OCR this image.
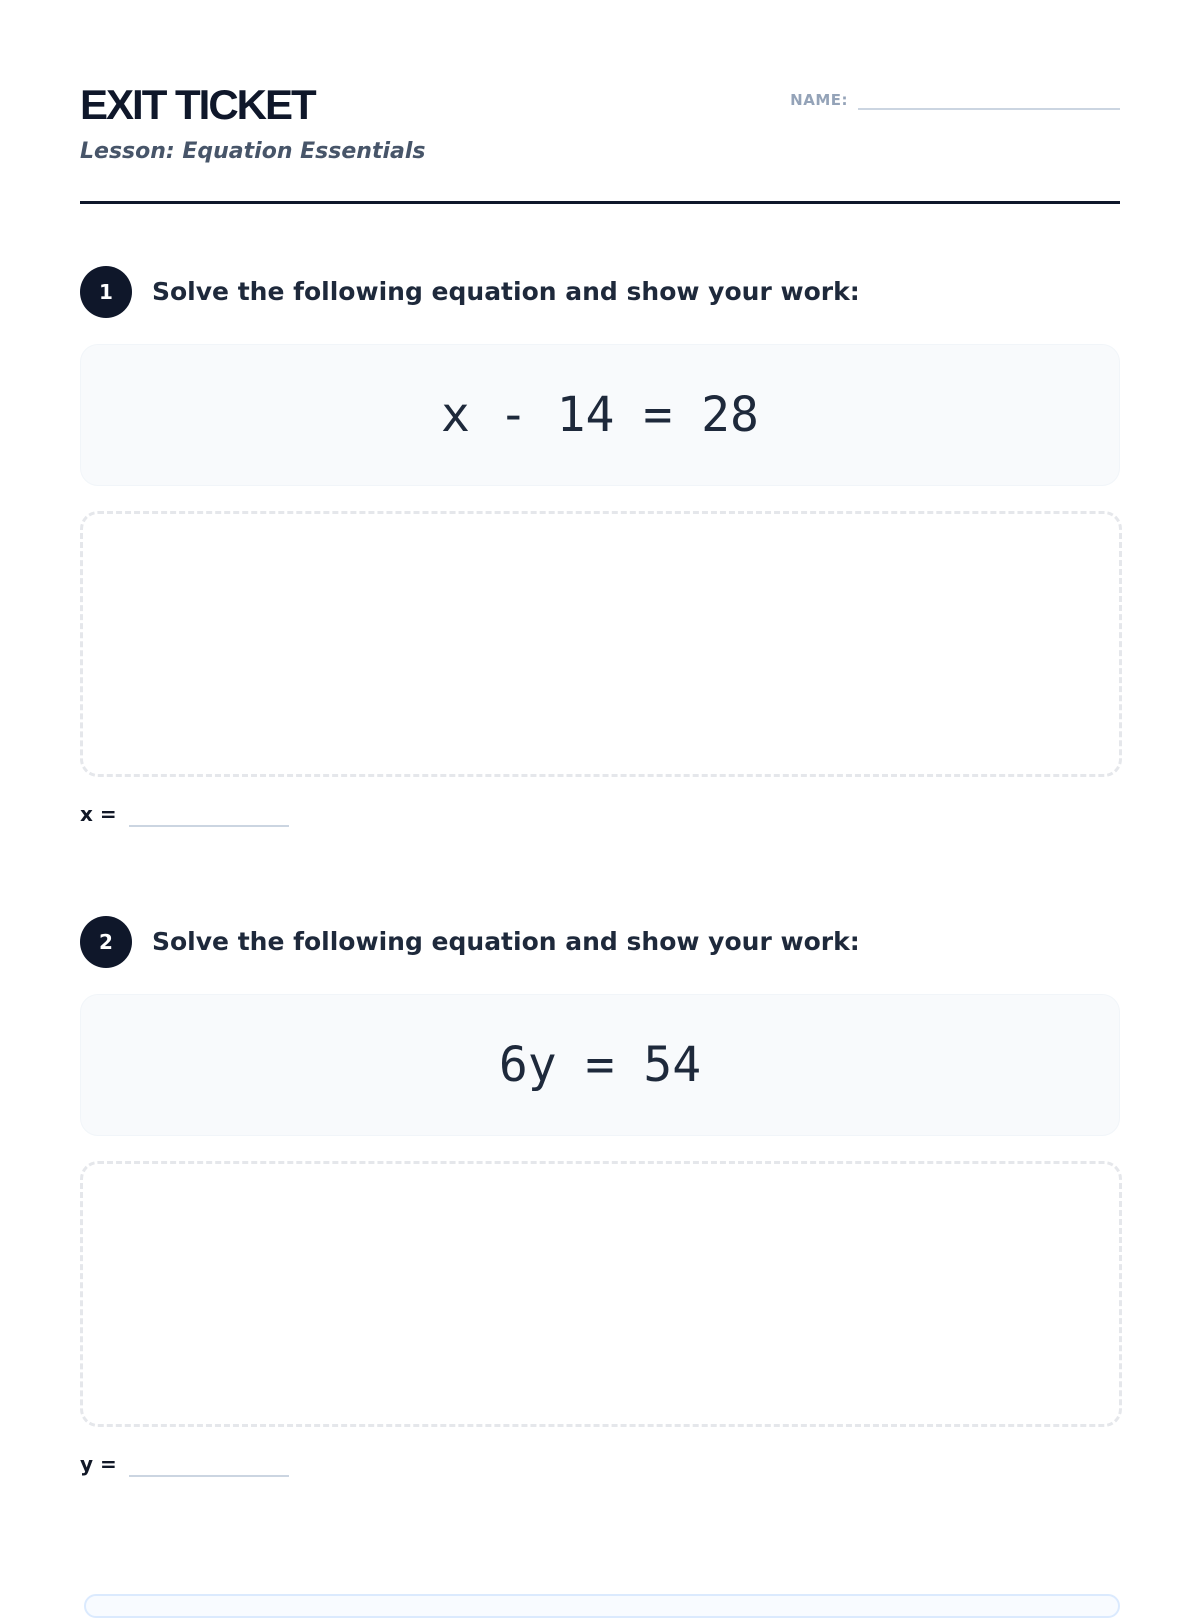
EXIT TICKET
Lesson: Equation Essentials
NAME:
1	Solve the following equation and show your work:
x - 14 = 28
x =
2	Solve the following equation and show your work:
6y = 54
y =
